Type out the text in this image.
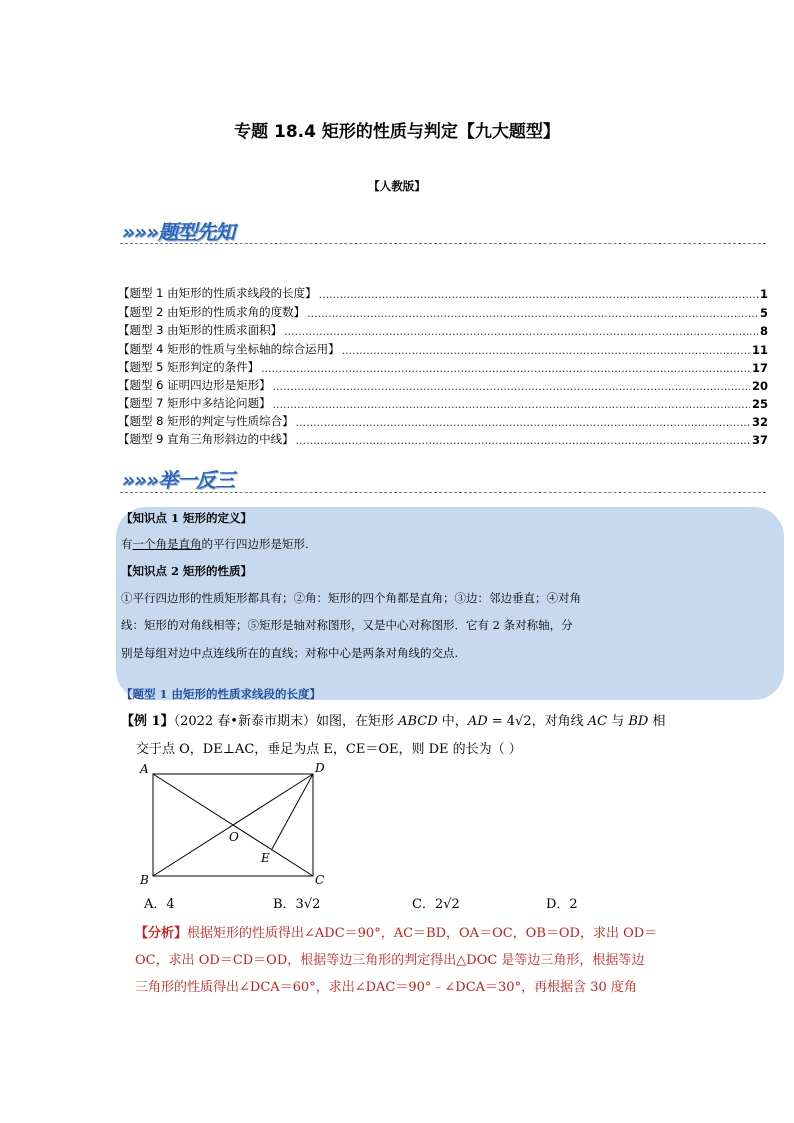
专题 18.4 矩形的性质与判定【九大题型】
【人教版】
»»»题型先知
【题型 1 由矩形的性质求线段的长度】 .....	1
【题型 2 由矩形的性质求角的度数】 .....	5
【题型 3 由矩形的性质求面积】 .....	8
【题型 4 矩形的性质与坐标轴的综合运用】 .....	11
【题型 5 矩形判定的条件】 .....	17
【题型 6 证明四边形是矩形】 .....	20
【题型 7 矩形中多结论问题】 .....	25
【题型 8 矩形的判定与性质综合】 .....	32
【题型 9 直角三角形斜边的中线】 .....	37
»»»举一反三
【知识点 1 矩形的定义】
有一个角是直角的平行四边形是矩形.
【知识点 2 矩形的性质】
①平行四边形的性质矩形都具有；②角：矩形的四个角都是直角；③边：邻边垂直；④对角
线：矩形的对角线相等；⑤矩形是轴对称图形，又是中心对称图形．它有 2 条对称轴，分
别是每组对边中点连线所在的直线；对称中心是两条对角线的交点.
【题型 1 由矩形的性质求线段的长度】
【例 1】（2022 春•新泰市期末）如图，在矩形 ABCD 中，AD = 4√2，对角线 AC 与 BD 相
交于点 O，DE⊥AC，垂足为点 E，CE＝OE，则 DE 的长为（ ）
A	D
B	C
O
E
A．4	B．3√2	C．2√2	D．2
【分析】根据矩形的性质得出∠ADC＝90°，AC＝BD，OA＝OC，OB＝OD，求出 OD＝
OC，求出 OD＝CD＝OD，根据等边三角形的判定得出△DOC 是等边三角形，根据等边
三角形的性质得出∠DCA＝60°，求出∠DAC＝90°﹣∠DCA＝30°，再根据含 30 度角
